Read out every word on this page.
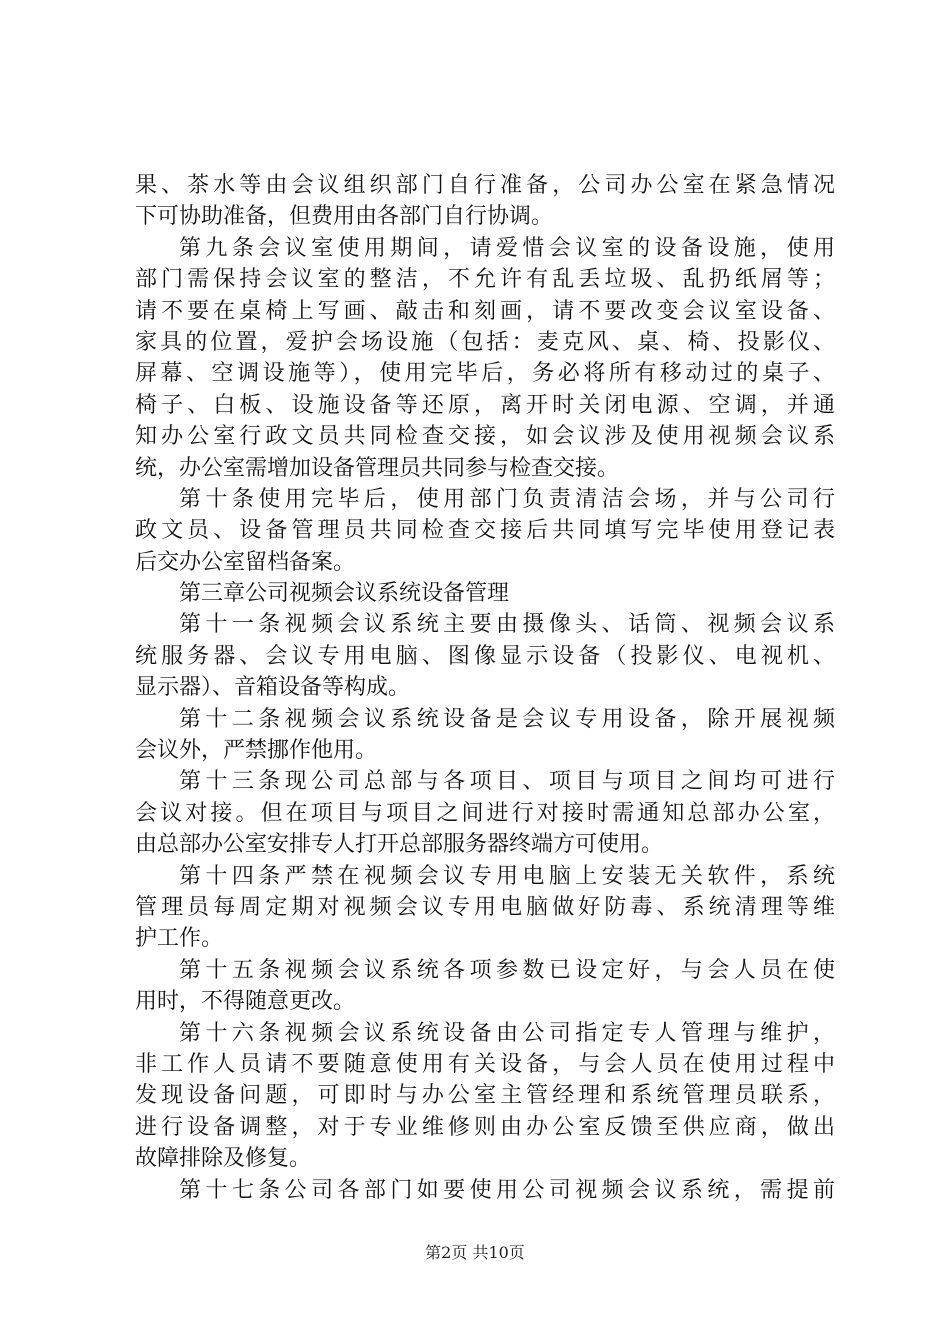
果、茶水等由会议组织部门自行准备，公司办公室在紧急情况
下可协助准备，但费用由各部门自行协调。
第九条会议室使用期间，请爱惜会议室的设备设施，使用
部门需保持会议室的整洁，不允许有乱丢垃圾、乱扔纸屑等；
请不要在桌椅上写画、敲击和刻画，请不要改变会议室设备、
家具的位置，爱护会场设施（包括：麦克风、桌、椅、投影仪、
屏幕、空调设施等），使用完毕后，务必将所有移动过的桌子、
椅子、白板、设施设备等还原，离开时关闭电源、空调，并通
知办公室行政文员共同检查交接，如会议涉及使用视频会议系
统，办公室需增加设备管理员共同参与检查交接。
第十条使用完毕后，使用部门负责清洁会场，并与公司行
政文员、设备管理员共同检查交接后共同填写完毕使用登记表
后交办公室留档备案。
第三章公司视频会议系统设备管理
第十一条视频会议系统主要由摄像头、话筒、视频会议系
统服务器、会议专用电脑、图像显示设备（投影仪、电视机、
显示器）、音箱设备等构成。
第十二条视频会议系统设备是会议专用设备，除开展视频
会议外，严禁挪作他用。
第十三条现公司总部与各项目、项目与项目之间均可进行
会议对接。但在项目与项目之间进行对接时需通知总部办公室，
由总部办公室安排专人打开总部服务器终端方可使用。
第十四条严禁在视频会议专用电脑上安装无关软件，系统
管理员每周定期对视频会议专用电脑做好防毒、系统清理等维
护工作。
第十五条视频会议系统各项参数已设定好，与会人员在使
用时，不得随意更改。
第十六条视频会议系统设备由公司指定专人管理与维护，
非工作人员请不要随意使用有关设备，与会人员在使用过程中
发现设备问题，可即时与办公室主管经理和系统管理员联系，
进行设备调整，对于专业维修则由办公室反馈至供应商，做出
故障排除及修复。
第十七条公司各部门如要使用公司视频会议系统，需提前
第2页 共10页
